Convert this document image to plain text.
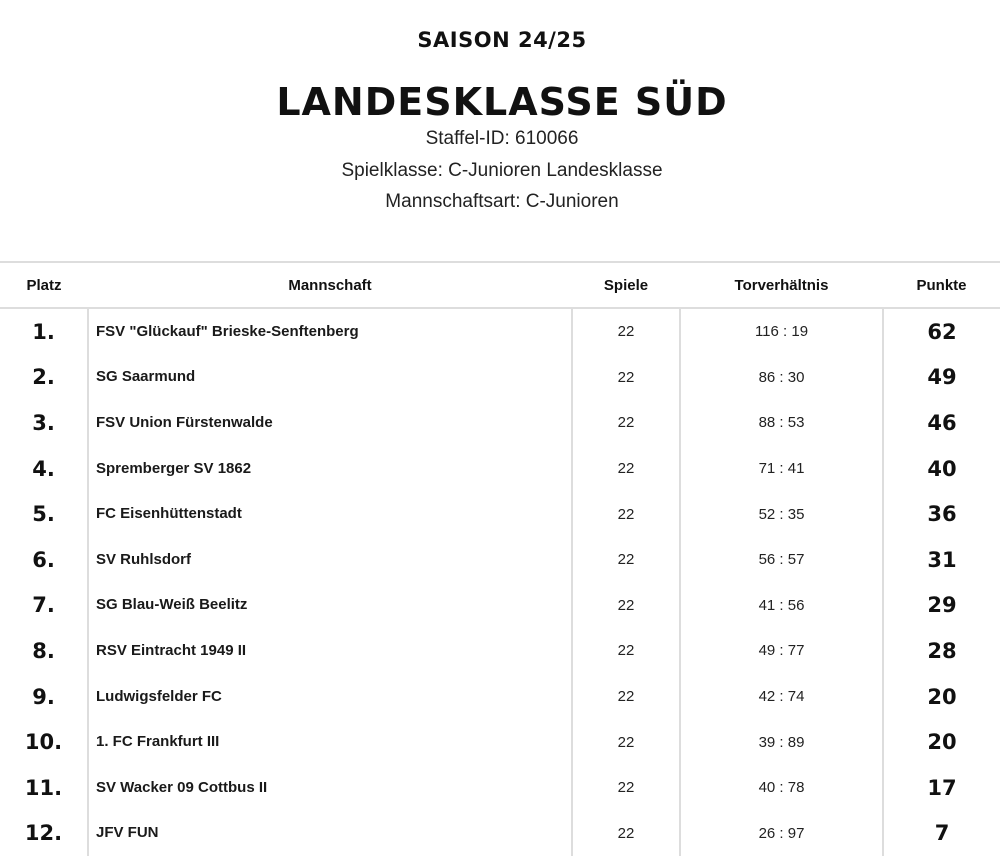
SAISON 24/25
LANDESKLASSE SÜD
Staffel-ID: 610066
Spielklasse: C-Junioren Landesklasse
Mannschaftsart: C-Junioren
Platz	Mannschaft	Spiele	Torverhältnis	Punkte
1.	FSV "Glückauf" Brieske-Senftenberg	22	116 : 19	62
2.	SG Saarmund	22	86 : 30	49
3.	FSV Union Fürstenwalde	22	88 : 53	46
4.	Spremberger SV 1862	22	71 : 41	40
5.	FC Eisenhüttenstadt	22	52 : 35	36
6.	SV Ruhlsdorf	22	56 : 57	31
7.	SG Blau-Weiß Beelitz	22	41 : 56	29
8.	RSV Eintracht 1949 II	22	49 : 77	28
9.	Ludwigsfelder FC	22	42 : 74	20
10.	1. FC Frankfurt III	22	39 : 89	20
11.	SV Wacker 09 Cottbus II	22	40 : 78	17
12.	JFV FUN	22	26 : 97	7
